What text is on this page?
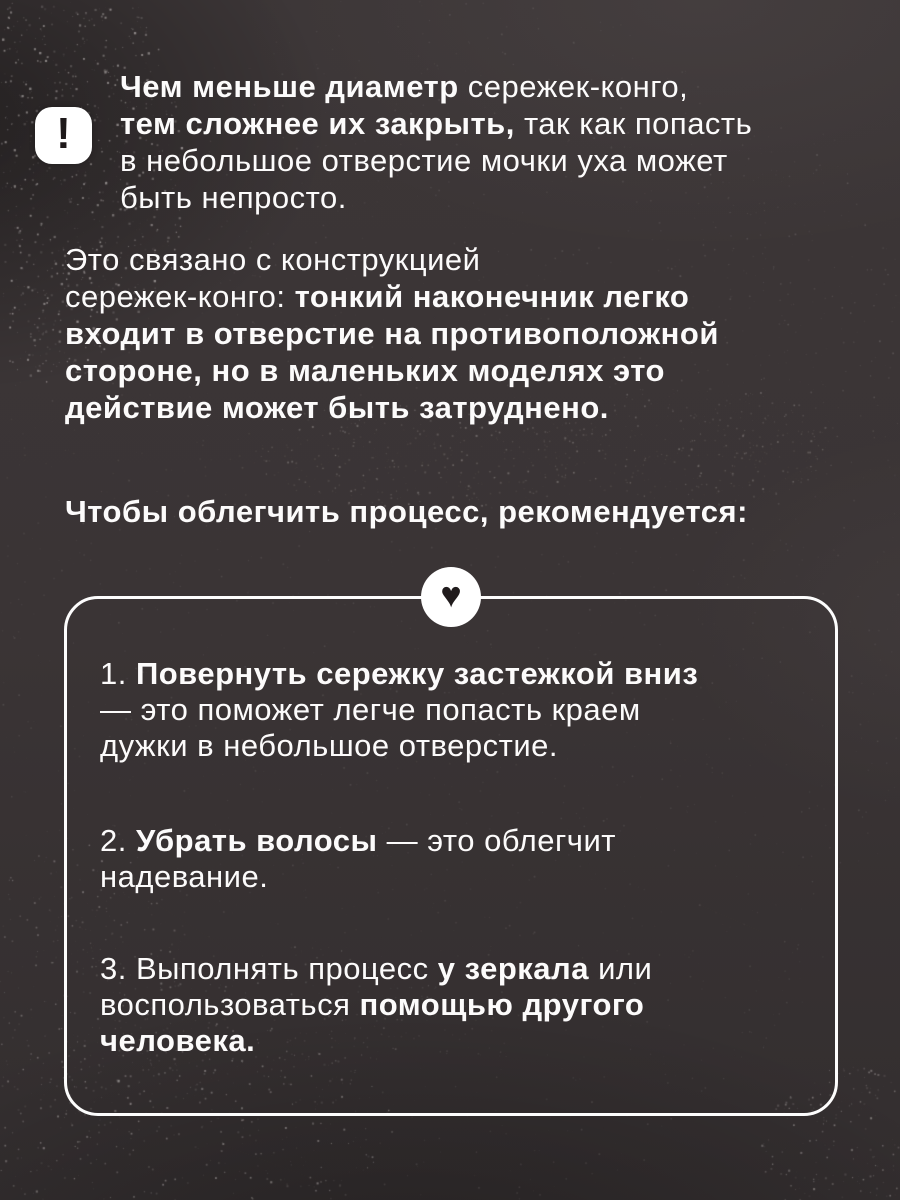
!
Чем меньше диаметр сережек-конго,
тем сложнее их закрыть, так как попасть
в небольшое отверстие мочки уха может
быть непросто.
Это связано с конструкцией
сережек-конго: тонкий наконечник легко
входит в отверстие на противоположной
стороне, но в маленьких моделях это
действие может быть затруднено.
Чтобы облегчить процесс, рекомендуется:
♥
1. Повернуть сережку застежкой вниз
— это поможет легче попасть краем
дужки в небольшое отверстие.
2. Убрать волосы — это облегчит
надевание.
3. Выполнять процесс у зеркала или
воспользоваться помощью другого
человека.
